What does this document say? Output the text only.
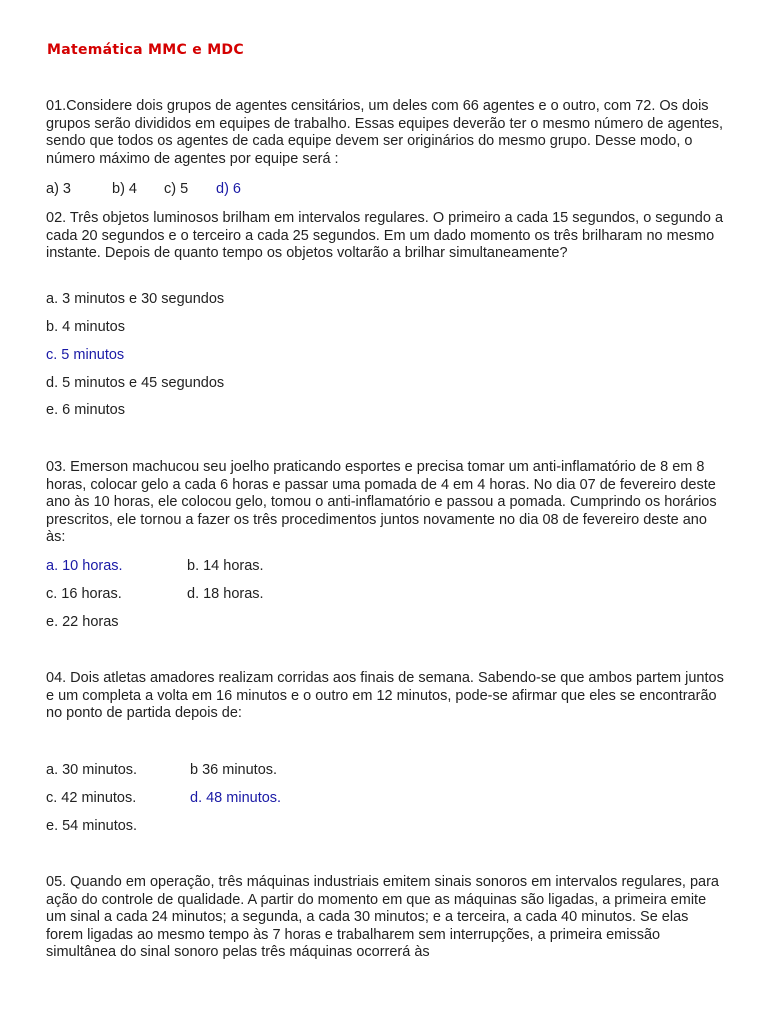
Matemática MMC e MDC
01.Considere dois grupos de agentes censitários, um deles com 66 agentes e o outro, com 72. Os dois grupos serão divididos em equipes de trabalho. Essas equipes deverão ter o mesmo número de agentes, sendo que todos os agentes de cada equipe devem ser originários do mesmo grupo. Desse modo, o número máximo de agentes por equipe será :
a) 3	b) 4 c) 5 d) 6
02. Três objetos luminosos brilham em intervalos regulares. O primeiro a cada 15 segundos, o segundo a cada 20 segundos e o terceiro a cada 25 segundos. Em um dado momento os três brilharam no mesmo instante. Depois de quanto tempo os objetos voltarão a brilhar simultaneamente?
a. 3 minutos e 30 segundos
b. 4 minutos
c. 5 minutos
d. 5 minutos e 45 segundos
e. 6 minutos
03. Emerson machucou seu joelho praticando esportes e precisa tomar um anti-inflamatório de 8 em 8 horas, colocar gelo a cada 6 horas e passar uma pomada de 4 em 4 horas. No dia 07 de fevereiro deste ano às 10 horas, ele colocou gelo, tomou o anti-inflamatório e passou a pomada. Cumprindo os horários prescritos, ele tornou a fazer os três procedimentos juntos novamente no dia 08 de fevereiro deste ano às:
a. 10 horas.	b. 14 horas.
c. 16 horas.	d. 18 horas.
e. 22 horas
04. Dois atletas amadores realizam corridas aos finais de semana. Sabendo-se que ambos partem juntos e um completa a volta em 16 minutos e o outro em 12 minutos, pode-se afirmar que eles se encontrarão no ponto de partida depois de:
a. 30 minutos.	b 36 minutos.
c. 42 minutos.	d. 48 minutos.
e. 54 minutos.
05. Quando em operação, três máquinas industriais emitem sinais sonoros em intervalos regulares, para ação do controle de qualidade. A partir do momento em que as máquinas são ligadas, a primeira emite um sinal a cada 24 minutos; a segunda, a cada 30 minutos; e a terceira, a cada 40 minutos. Se elas forem ligadas ao mesmo tempo às 7 horas e trabalharem sem interrupções, a primeira emissão simultânea do sinal sonoro pelas três máquinas ocorrerá às
